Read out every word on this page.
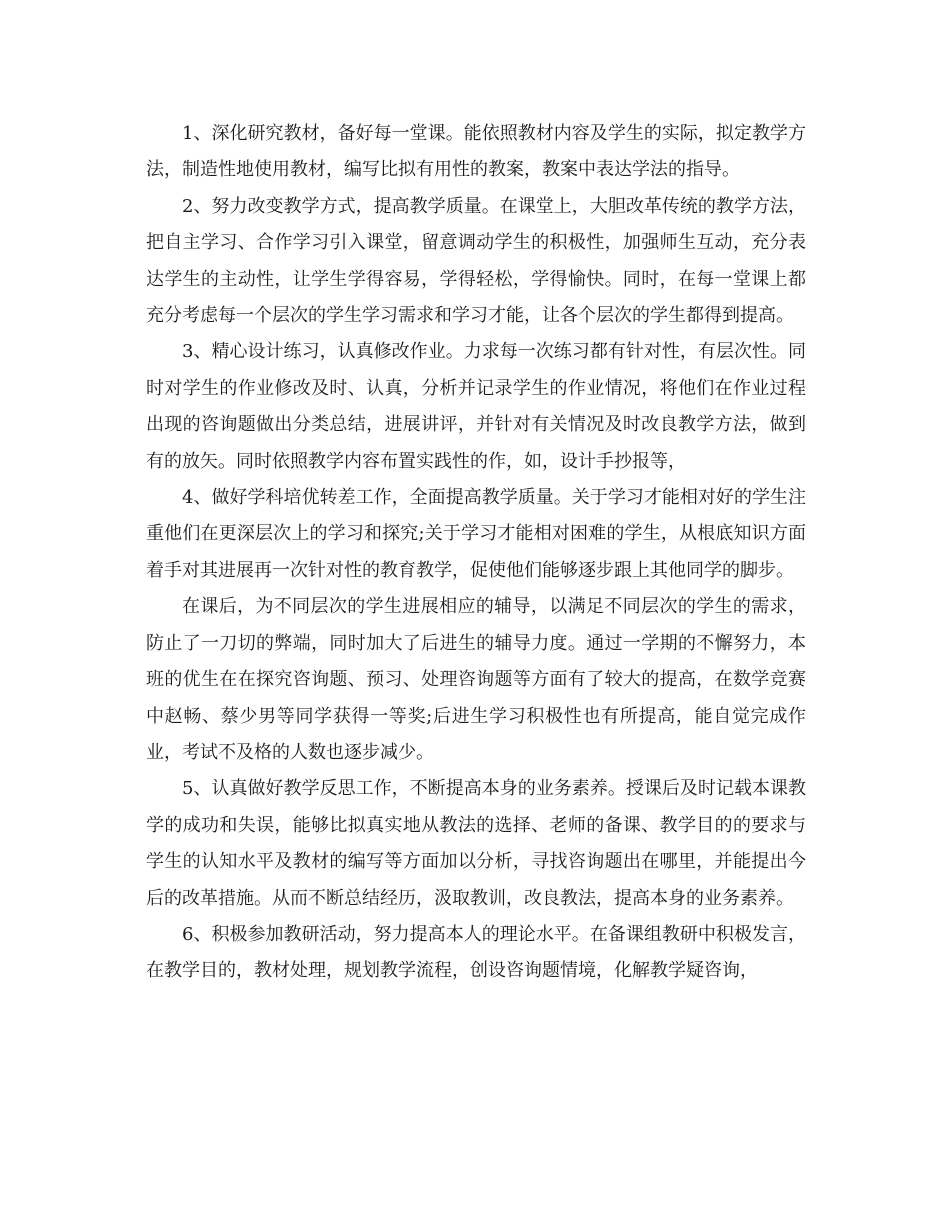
1、深化研究教材，备好每一堂课。能依照教材内容及学生的实际，拟定教学方法，制造性地使用教材，编写比拟有用性的教案，教案中表达学法的指导。

2、努力改变教学方式，提高教学质量。在课堂上，大胆改革传统的教学方法，把自主学习、合作学习引入课堂，留意调动学生的积极性，加强师生互动，充分表达学生的主动性，让学生学得容易，学得轻松，学得愉快。同时，在每一堂课上都充分考虑每一个层次的学生学习需求和学习才能，让各个层次的学生都得到提高。

3、精心设计练习，认真修改作业。力求每一次练习都有针对性，有层次性。同时对学生的作业修改及时、认真，分析并记录学生的作业情况，将他们在作业过程出现的咨询题做出分类总结，进展讲评，并针对有关情况及时改良教学方法，做到有的放矢。同时依照教学内容布置实践性的作，如，设计手抄报等，

4、做好学科培优转差工作，全面提高教学质量。关于学习才能相对好的学生注重他们在更深层次上的学习和探究;关于学习才能相对困难的学生，从根底知识方面着手对其进展再一次针对性的教育教学，促使他们能够逐步跟上其他同学的脚步。

在课后，为不同层次的学生进展相应的辅导，以满足不同层次的学生的需求，防止了一刀切的弊端，同时加大了后进生的辅导力度。通过一学期的不懈努力，本班的优生在在探究咨询题、预习、处理咨询题等方面有了较大的提高，在数学竞赛中赵畅、蔡少男等同学获得一等奖;后进生学习积极性也有所提高，能自觉完成作业，考试不及格的人数也逐步减少。

5、认真做好教学反思工作，不断提高本身的业务素养。授课后及时记载本课教学的成功和失误，能够比拟真实地从教法的选择、老师的备课、教学目的的要求与学生的认知水平及教材的编写等方面加以分析，寻找咨询题出在哪里，并能提出今后的改革措施。从而不断总结经历，汲取教训，改良教法，提高本身的业务素养。

6、积极参加教研活动，努力提高本人的理论水平。在备课组教研中积极发言，在教学目的，教材处理，规划教学流程，创设咨询题情境，化解教学疑咨询，
